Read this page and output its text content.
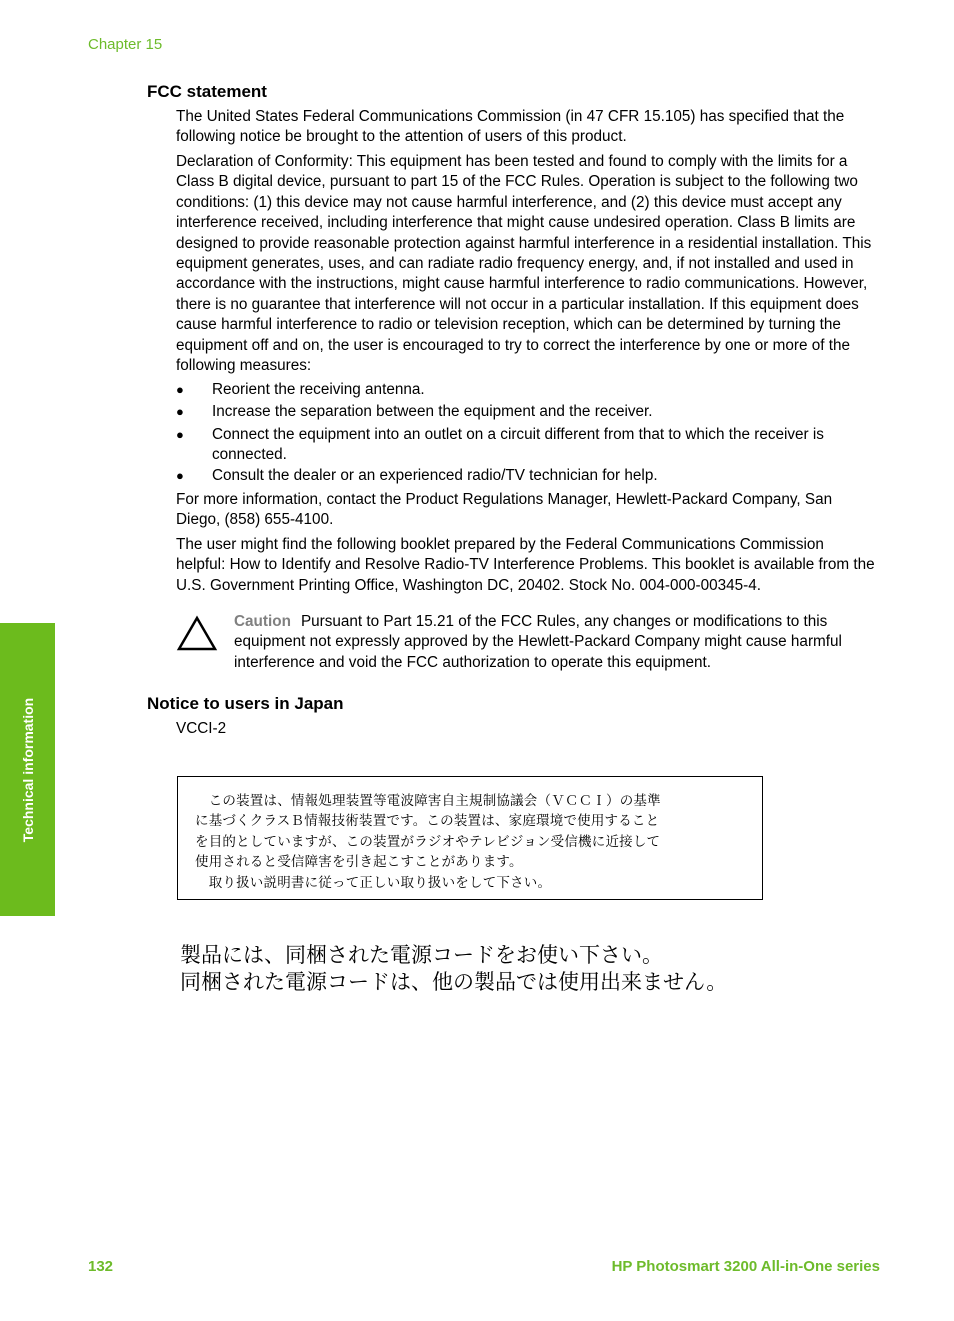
Chapter 15
Technical information
FCC statement

The United States Federal Communications Commission (in 47 CFR 15.105) has specified that the following notice be brought to the attention of users of this product.

Declaration of Conformity: This equipment has been tested and found to comply with the limits for a Class B digital device, pursuant to part 15 of the FCC Rules. Operation is subject to the following two conditions: (1) this device may not cause harmful interference, and (2) this device must accept any interference received, including interference that might cause undesired operation. Class B limits are designed to provide reasonable protection against harmful interference in a residential installation. This equipment generates, uses, and can radiate radio frequency energy, and, if not installed and used in accordance with the instructions, might cause harmful interference to radio communications. However, there is no guarantee that interference will not occur in a particular installation. If this equipment does cause harmful interference to radio or television reception, which can be determined by turning the equipment off and on, the user is encouraged to try to correct the interference by one or more of the following measures:

● Reorient the receiving antenna.
● Increase the separation between the equipment and the receiver.
● Connect the equipment into an outlet on a circuit different from that to which the receiver is connected.
● Consult the dealer or an experienced radio/TV technician for help.

For more information, contact the Product Regulations Manager, Hewlett-Packard Company, San Diego, (858) 655-4100.

The user might find the following booklet prepared by the Federal Communications Commission helpful: How to Identify and Resolve Radio-TV Interference Problems. This booklet is available from the U.S. Government Printing Office, Washington DC, 20402. Stock No. 004-000-00345-4.

Caution Pursuant to Part 15.21 of the FCC Rules, any changes or modifications to this equipment not expressly approved by the Hewlett-Packard Company might cause harmful interference and void the FCC authorization to operate this equipment.
Notice to users in Japan

VCCI-2

　この装置は、情報処理装置等電波障害自主規制協議会（ＶＣＣＩ）の基準
に基づくクラスＢ情報技術装置です。この装置は、家庭環境で使用すること
を目的としていますが、この装置がラジオやテレビジョン受信機に近接して
使用されると受信障害を引き起こすことがあります。
　取り扱い説明書に従って正しい取り扱いをして下さい。
製品には、同梱された電源コードをお使い下さい。
同梱された電源コードは、他の製品では使用出来ません。
132	HP Photosmart 3200 All-in-One series
